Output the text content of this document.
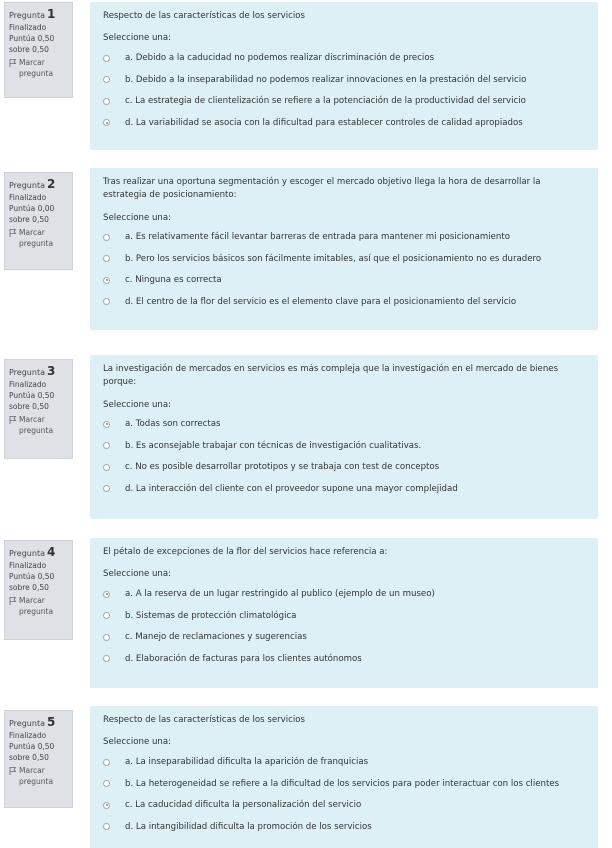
Pregunta 1
Finalizado
Puntúa 0,50
sobre 0,50
Marcar pregunta
Respecto de las características de los servicios
Seleccione una:
a. Debido a la caducidad no podemos realizar discriminación de precios
b. Debido a la inseparabilidad no podemos realizar innovaciones en la prestación del servicio
c. La estrategia de clientelización se refiere a la potenciación de la productividad del servicio
d. La variabilidad se asocia con la dificultad para establecer controles de calidad apropiados
Pregunta 2
Finalizado
Puntúa 0,00
sobre 0,50
Marcar pregunta
Tras realizar una oportuna segmentación y escoger el mercado objetivo llega la hora de desarrollar la estrategia de posicionamiento:
Seleccione una:
a. Es relativamente fácil levantar barreras de entrada para mantener mi posicionamiento
b. Pero los servicios básicos son fácilmente imitables, así que el posicionamiento no es duradero
c. Ninguna es correcta
d. El centro de la flor del servicio es el elemento clave para el posicionamiento del servicio
Pregunta 3
Finalizado
Puntúa 0,50
sobre 0,50
Marcar pregunta
La investigación de mercados en servicios es más compleja que la investigación en el mercado de bienes porque:
Seleccione una:
a. Todas son correctas
b. Es aconsejable trabajar con técnicas de investigación cualitativas.
c. No es posible desarrollar prototipos y se trabaja con test de conceptos
d. La interacción del cliente con el proveedor supone una mayor complejidad
Pregunta 4
Finalizado
Puntúa 0,50
sobre 0,50
Marcar pregunta
El pétalo de excepciones de la flor del servicios hace referencia a:
Seleccione una:
a. A la reserva de un lugar restringido al publico (ejemplo de un museo)
b. Sistemas de protección climatológica
c. Manejo de reclamaciones y sugerencias
d. Elaboración de facturas para los clientes autónomos
Pregunta 5
Finalizado
Puntúa 0,50
sobre 0,50
Marcar pregunta
Respecto de las características de los servicios
Seleccione una:
a. La inseparabilidad dificulta la aparición de franquicias
b. La heterogeneidad se refiere a la dificultad de los servicios para poder interactuar con los clientes
c. La caducidad dificulta la personalización del servicio
d. La intangibilidad dificulta la promoción de los servicios
